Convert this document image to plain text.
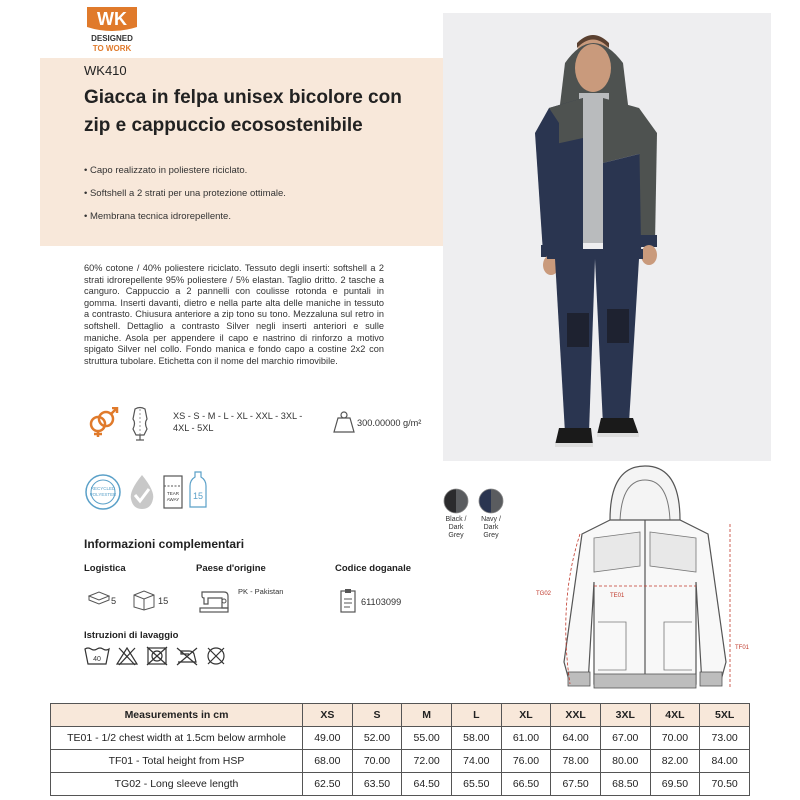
WK
DESIGNED
TO WORK
WK410
Giacca in felpa unisex bicolore con zip e cappuccio ecosostenibile
• Capo realizzato in poliestere riciclato.
• Softshell a 2 strati per una protezione ottimale.
• Membrana tecnica idrorepellente.
60% cotone / 40% poliestere riciclato. Tessuto degli inserti: softshell a 2 strati idrorepellente 95% poliestere / 5% elastan. Taglio dritto. 2 tasche a canguro. Cappuccio a 2 pannelli con coulisse rotonda e puntali in gomma. Inserti davanti, dietro e nella parte alta delle maniche in tessuto a contrasto. Chiusura anteriore a zip tono su tono. Mezzaluna sul retro in softshell. Dettaglio a contrasto Silver negli inserti anteriori e sulle maniche. Asola per appendere il capo e nastrino di rinforzo a motivo spigato Silver nel collo. Fondo manica e fondo capo a costine 2x2 con struttura tubolare. Etichetta con il nome del marchio rimovibile.
XS - S - M - L - XL - XXL - 3XL - 4XL - 5XL	300.00000 g/m²
RECYCLED
POLYESTER	TEAR
AWAY 15
Black /
Dark
Grey
Navy /
Dark
Grey
Informazioni complementari
Logistica	Paese d'origine	Codice doganale
5	15
PK - Pakistan
61103099
Istruzioni di lavaggio
40
TG02	TE01
TF01
Measurements in cm	XS	S	M	L	XL	XXL	3XL	4XL	5XL
TE01 - 1/2 chest width at 1.5cm below armhole	49.00	52.00	55.00	58.00	61.00	64.00	67.00	70.00	73.00
TF01 - Total height from HSP	68.00	70.00	72.00	74.00	76.00	78.00	80.00	82.00	84.00
TG02 - Long sleeve length	62.50	63.50	64.50	65.50	66.50	67.50	68.50	69.50	70.50
